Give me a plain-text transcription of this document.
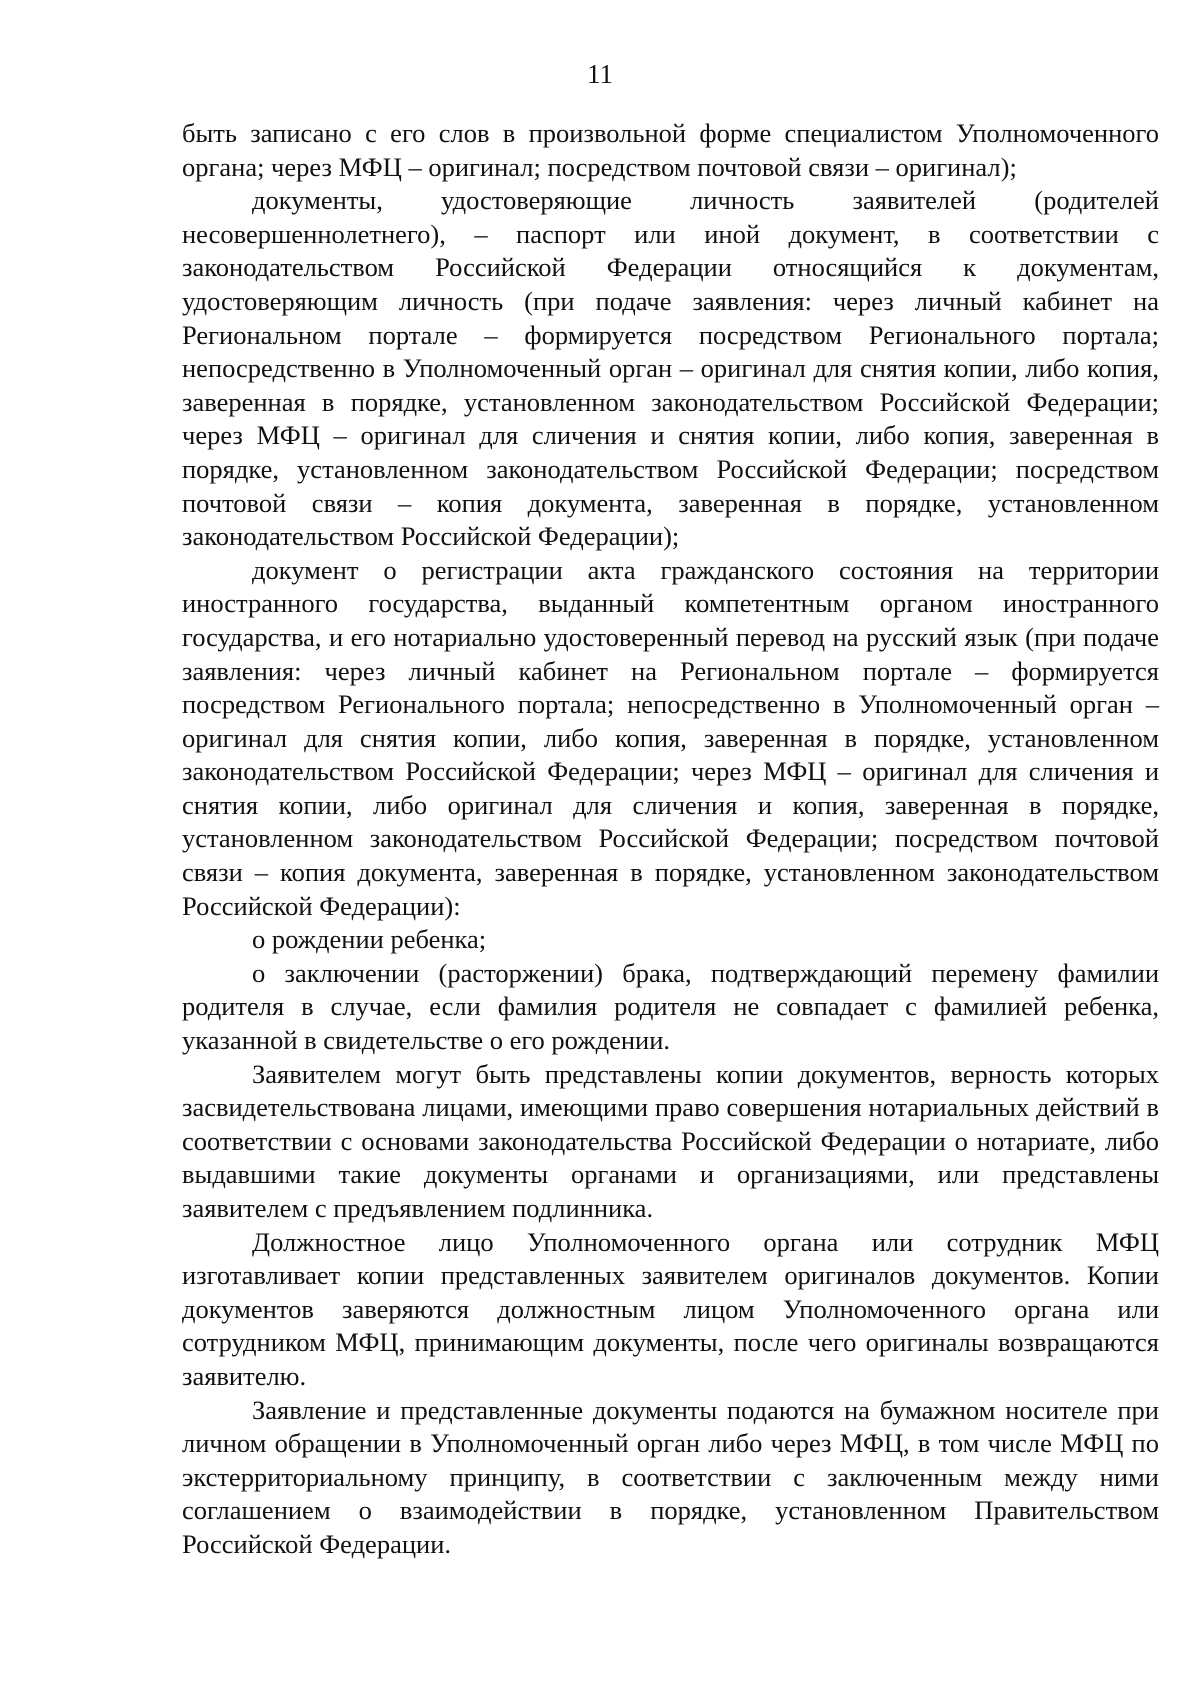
11

быть записано с его слов в произвольной форме специалистом Уполномоченного органа; через МФЦ – оригинал; посредством почтовой связи – оригинал);

документы, удостоверяющие личность заявителей (родителей несовершеннолетнего), – паспорт или иной документ, в соответствии с законодательством Российской Федерации относящийся к документам, удостоверяющим личность (при подаче заявления: через личный кабинет на Региональном портале – формируется посредством Регионального портала; непосредственно в Уполномоченный орган – оригинал для снятия копии, либо копия, заверенная в порядке, установленном законодательством Российской Федерации; через МФЦ – оригинал для сличения и снятия копии, либо копия, заверенная в порядке, установленном законодательством Российской Федерации; посредством почтовой связи – копия документа, заверенная в порядке, установленном законодательством Российской Федерации);

документ о регистрации акта гражданского состояния на территории иностранного государства, выданный компетентным органом иностранного государства, и его нотариально удостоверенный перевод на русский язык (при подаче заявления: через личный кабинет на Региональном портале – формируется посредством Регионального портала; непосредственно в Уполномоченный орган – оригинал для снятия копии, либо копия, заверенная в порядке, установленном законодательством Российской Федерации; через МФЦ – оригинал для сличения и снятия копии, либо оригинал для сличения и копия, заверенная в порядке, установленном законодательством Российской Федерации; посредством почтовой связи – копия документа, заверенная в порядке, установленном законодательством Российской Федерации):

о рождении ребенка;

о заключении (расторжении) брака, подтверждающий перемену фамилии родителя в случае, если фамилия родителя не совпадает с фамилией ребенка, указанной в свидетельстве о его рождении.

Заявителем могут быть представлены копии документов, верность которых засвидетельствована лицами, имеющими право совершения нотариальных действий в соответствии с основами законодательства Российской Федерации о нотариате, либо выдавшими такие документы органами и организациями, или представлены заявителем с предъявлением подлинника.

Должностное лицо Уполномоченного органа или сотрудник МФЦ изготавливает копии представленных заявителем оригиналов документов. Копии документов заверяются должностным лицом Уполномоченного органа или сотрудником МФЦ, принимающим документы, после чего оригиналы возвращаются заявителю.

Заявление и представленные документы подаются на бумажном носителе при личном обращении в Уполномоченный орган либо через МФЦ, в том числе МФЦ по экстерриториальному принципу, в соответствии с заключенным между ними соглашением о взаимодействии в порядке, установленном Правительством Российской Федерации.
